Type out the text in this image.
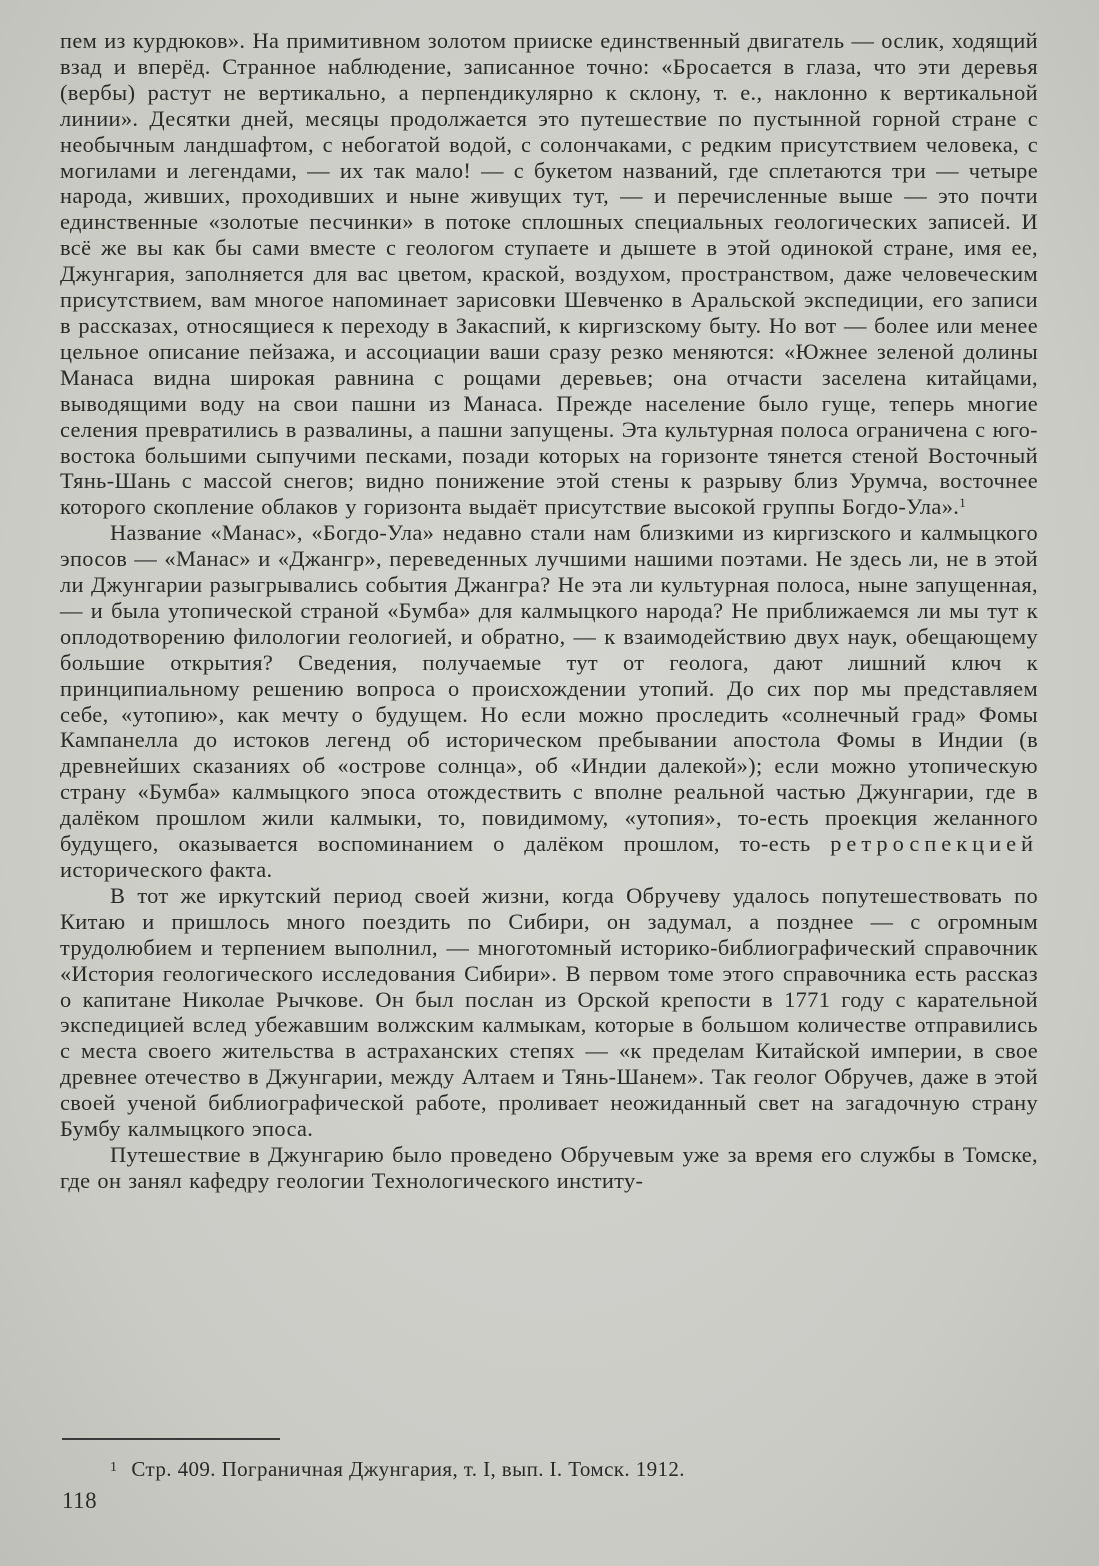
пем из курдюков». На примитивном золотом прииске единственный двигатель — ослик, ходящий взад и вперёд. Странное наблюдение, записанное точно: «Бросается в глаза, что эти деревья (вербы) растут не вертикально, а перпендикулярно к склону, т. е., наклонно к вертикальной линии». Десятки дней, месяцы продолжается это путешествие по пустынной горной стране с необычным ландшафтом, с небогатой водой, с солончаками, с редким присутствием человека, с могилами и легендами, — их так мало! — с букетом названий, где сплетаются три — четыре народа, живших, проходивших и ныне живущих тут, — и перечисленные выше — это почти единственные «золотые песчинки» в потоке сплошных специальных геологических записей. И всё же вы как бы сами вместе с геологом ступаете и дышете в этой одинокой стране, имя ее, Джунгария, заполняется для вас цветом, краской, воздухом, пространством, даже человеческим присутствием, вам многое напоминает зарисовки Шевченко в Аральской экспедиции, его записи в рассказах, относящиеся к переходу в Закаспий, к киргизскому быту. Но вот — более или менее цельное описание пейзажа, и ассоциации ваши сразу резко меняются: «Южнее зеленой долины Манаса видна широкая равнина с рощами деревьев; она отчасти заселена китайцами, выводящими воду на свои пашни из Манаса. Прежде население было гуще, теперь многие селения превратились в развалины, а пашни запущены. Эта культурная полоса ограничена с юго-востока большими сыпучими песками, позади которых на горизонте тянется стеной Восточный Тянь-Шань с массой снегов; видно понижение этой стены к разрыву близ Урумча, восточнее которого скопление облаков у горизонта выдаёт присутствие высокой группы Богдо-Ула».$^1$

Название «Манас», «Богдо-Ула» недавно стали нам близкими из киргизского и калмыцкого эпосов — «Манас» и «Джангр», переведенных лучшими нашими поэтами. Не здесь ли, не в этой ли Джунгарии разыгрывались события Джангра? Не эта ли культурная полоса, ныне запущенная, — и была утопической страной «Бумба» для калмыцкого народа? Не приближаемся ли мы тут к оплодотворению филологии геологией, и обратно, — к взаимодействию двух наук, обещающему большие открытия? Сведения, получаемые тут от геолога, дают лишний ключ к принципиальному решению вопроса о происхождении утопий. До сих пор мы представляем себе, «утопию», как мечту о будущем. Но если можно проследить «солнечный град» Фомы Кампанелла до истоков легенд об историческом пребывании апостола Фомы в Индии (в древнейших сказаниях об «острове солнца», об «Индии далекой»); если можно утопическую страну «Бумба» калмыцкого эпоса отождествить с вполне реальной частью Джунгарии, где в далёком прошлом жили калмыки, то, повидимому, «утопия», то-есть проекция желанного будущего, оказывается воспоминанием о далёком прошлом, то-есть ретроспекцией исторического факта.

В тот же иркутский период своей жизни, когда Обручеву удалось попутешествовать по Китаю и пришлось много поездить по Сибири, он задумал, а позднее — с огромным трудолюбием и терпением выполнил, — многотомный историко-библиографический справочник «История геологического исследования Сибири». В первом томе этого справочника есть рассказ о капитане Николае Рычкове. Он был послан из Орской крепости в 1771 году с карательной экспедицией вслед убежавшим волжским калмыкам, которые в большом количестве отправились с места своего жительства в астраханских степях — «к пределам Китайской империи, в свое древнее отечество в Джунгарии, между Алтаем и Тянь-Шанем». Так геолог Обручев, даже в этой своей ученой библиографической работе, проливает неожиданный свет на загадочную страну Бумбу калмыцкого эпоса.

Путешествие в Джунгарию было проведено Обручевым уже за время его службы в Томске, где он занял кафедру геологии Технологического институ-

$^1$ Стр. 409. Пограничная Джунгария, т. I, вып. I. Томск. 1912.
118
